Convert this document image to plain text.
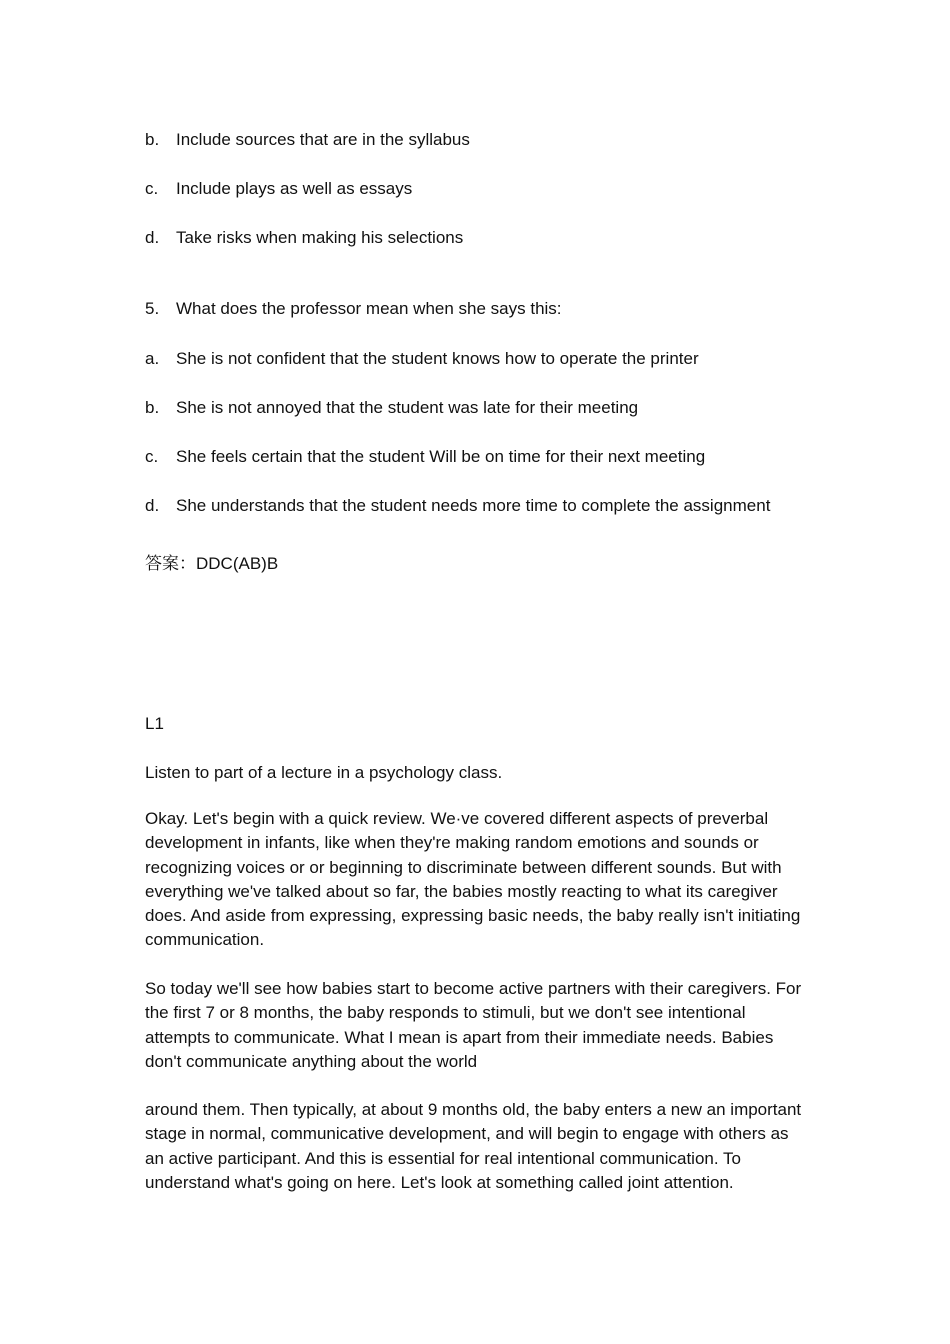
b. Include sources that are in the syllabus
c. Include plays as well as essays
d. Take risks when making his selections
5. What does the professor mean when she says this:
a. She is not confident that the student knows how to operate the printer
b. She is not annoyed that the student was late for their meeting
c. She feels certain that the student Will be on time for their next meeting
d. She understands that the student needs more time to complete the assignment
答案：DDC(AB)B
L1
Listen to part of a lecture in a psychology class.
Okay. Let's begin with a quick review. We·ve covered different aspects of preverbal development in infants, like when they're making random emotions and sounds or recognizing voices or or beginning to discriminate between different sounds. But with everything we've talked about so far, the babies mostly reacting to what its caregiver does. And aside from expressing, expressing basic needs, the baby really isn't initiating communication.
So today we'll see how babies start to become active partners with their caregivers. For the first 7 or 8 months, the baby responds to stimuli, but we don't see intentional attempts to communicate. What I mean is apart from their immediate needs. Babies don't communicate anything about the world
around them. Then typically, at about 9 months old, the baby enters a new an important stage in normal, communicative development, and will begin to engage with others as an active participant. And this is essential for real intentional communication. To understand what's going on here. Let's look at something called joint attention.
